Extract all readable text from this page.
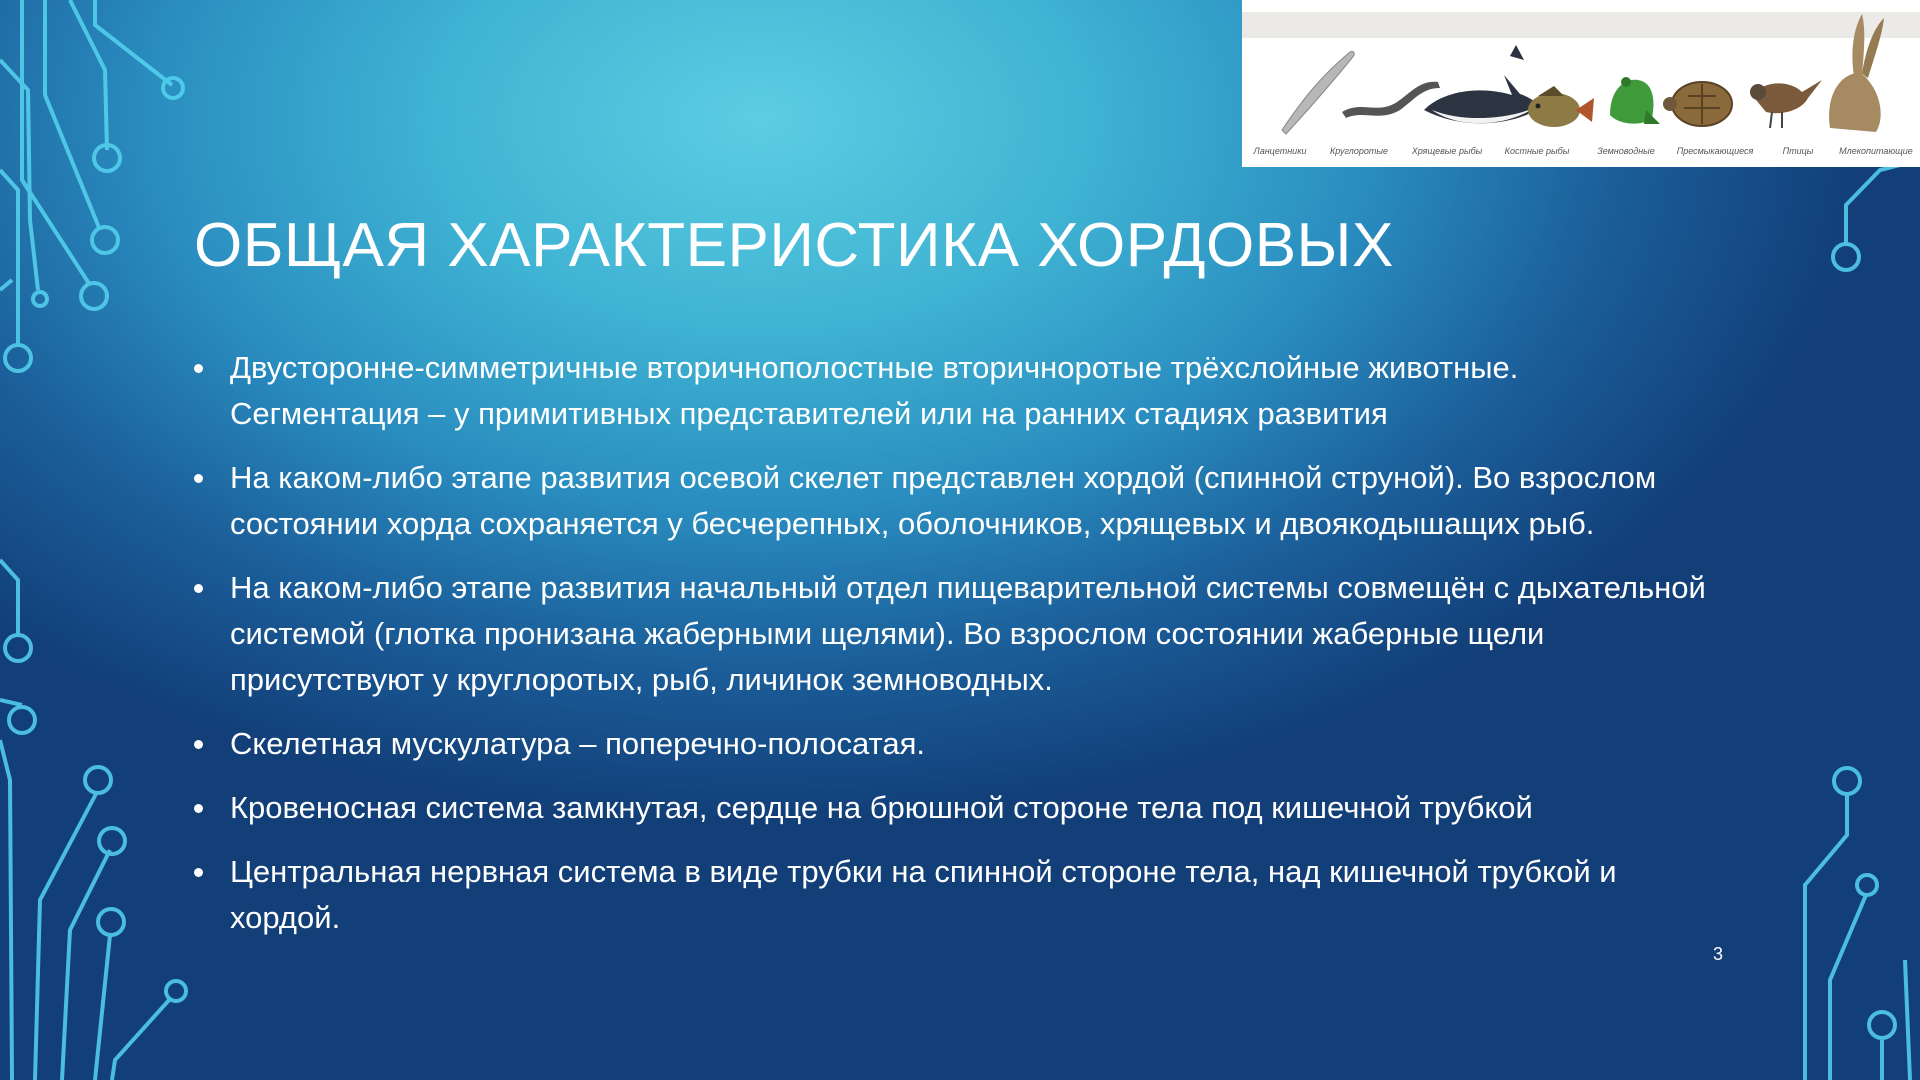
Ланцетники	Круглоротые	Хрящевые рыбы Костные рыбы	Земноводные Пресмыкающиеся	Птицы	Млекопитающие
ОБЩАЯ ХАРАКТЕРИСТИКА ХОРДОВЫХ
Двусторонне-симметричные вторичнополостные вторичноротые трёхслойные животные. Сегментация – у примитивных представителей или на ранних стадиях развития
На каком-либо этапе развития осевой скелет представлен хордой (спинной струной). Во взрослом состоянии хорда сохраняется у бесчерепных, оболочников, хрящевых и двоякодышащих рыб.
На каком-либо этапе развития начальный отдел пищеварительной системы совмещён с дыхательной системой (глотка пронизана жаберными щелями). Во взрослом состоянии жаберные щели присутствуют у круглоротых, рыб, личинок земноводных.
Скелетная мускулатура – поперечно-полосатая.
Кровеносная система замкнутая, сердце на брюшной стороне тела под кишечной трубкой
Центральная нервная система в виде трубки на спинной стороне тела, над кишечной трубкой и хордой.
3
